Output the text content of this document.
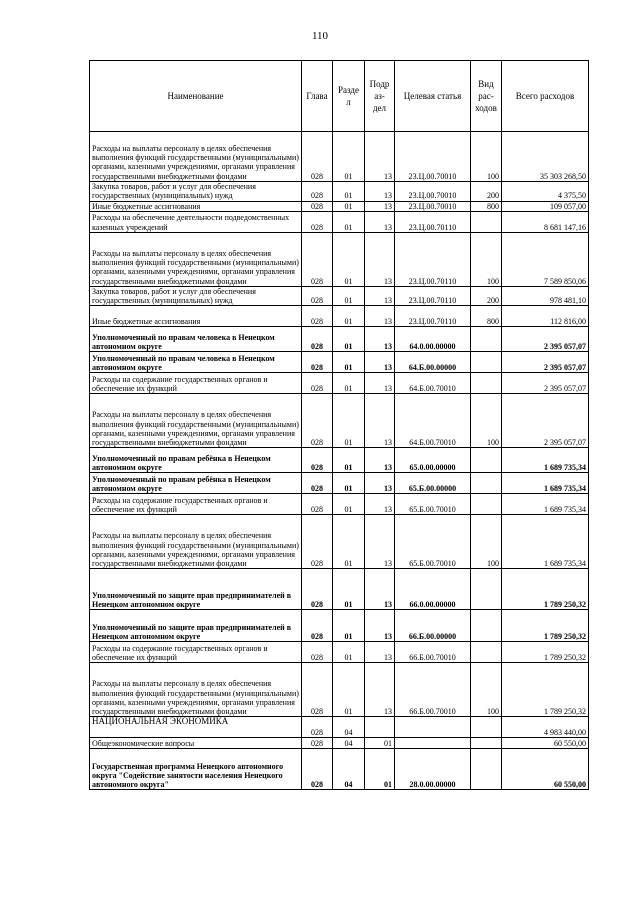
110
Наименование	Глава	Разде л	Подр аз- дел	Целевая статья	Вид рас- ходов	Всего расходов
Расходы на выплаты персоналу в целях обеспечения выполнения функций государственными (муниципальными) органами, казенными учреждениями, органами управления государственными внебюджетными фондами	028	01	13	23.Ц.00.70010	100	35 303 268,50
Закупка товаров, работ и услуг для обеспечения государственных (муниципальных) нужд	028	01	13	23.Ц.00.70010	200	4 375,50
Иные бюджетные ассигнования	028	01	13	23.Ц.00.70010	800	109 057,00
Расходы на обеспечение деятельности подведомственных казенных учреждений	028	01	13	23.Ц.00.70110		8 681 147,16
Расходы на выплаты персоналу в целях обеспечения выполнения функций государственными (муниципальными) органами, казенными учреждениями, органами управления государственными внебюджетными фондами	028	01	13	23.Ц.00.70110	100	7 589 850,06
Закупка товаров, работ и услуг для обеспечения государственных (муниципальных) нужд	028	01	13	23.Ц.00.70110	200	978 481,10
Иные бюджетные ассигнования	028	01	13	23.Ц.00.70110	800	112 816,00
Уполномоченный по правам человека в Ненецком автономном округе	028	01	13	64.0.00.00000		2 395 057,07
Уполномоченный по правам человека в Ненецком автономном округе	028	01	13	64.Б.00.00000		2 395 057,07
Расходы на содержание государственных органов и обеспечение их функций	028	01	13	64.Б.00.70010		2 395 057,07
Расходы на выплаты персоналу в целях обеспечения выполнения функций государственными (муниципальными) органами, казенными учреждениями, органами управления государственными внебюджетными фондами	028	01	13	64.Б.00.70010	100	2 395 057,07
Уполномоченный по правам ребёнка в Ненецком автономном округе	028	01	13	65.0.00.00000		1 689 735,34
Уполномоченный по правам ребёнка в Ненецком автономном округе	028	01	13	65.Б.00.00000		1 689 735,34
Расходы на содержание государственных органов и обеспечение их функций	028	01	13	65.Б.00.70010		1 689 735,34
Расходы на выплаты персоналу в целях обеспечения выполнения функций государственными (муниципальными) органами, казенными учреждениями, органами управления государственными внебюджетными фондами	028	01	13	65.Б.00.70010	100	1 689 735,34
Уполномоченный по защите прав предпринимателей в Ненецком автономном округе	028	01	13	66.0.00.00000		1 789 250,32
Уполномоченный по защите прав предпринимателей в Ненецком автономном округе	028	01	13	66.Б.00.00000		1 789 250,32
Расходы на содержание государственных органов и обеспечение их функций	028	01	13	66.Б.00.70010		1 789 250,32
Расходы на выплаты персоналу в целях обеспечения выполнения функций государственными (муниципальными) органами, казенными учреждениями, органами управления государственными внебюджетными фондами	028	01	13	66.Б.00.70010	100	1 789 250,32
НАЦИОНАЛЬНАЯ ЭКОНОМИКА	028	04				4 983 440,00
Общеэкономические вопросы	028	04	01			60 550,00
Государственная программа Ненецкого автономного округа "Содействие занятости населения Ненецкого автономного округа"	028	04	01	28.0.00.00000		60 550,00
